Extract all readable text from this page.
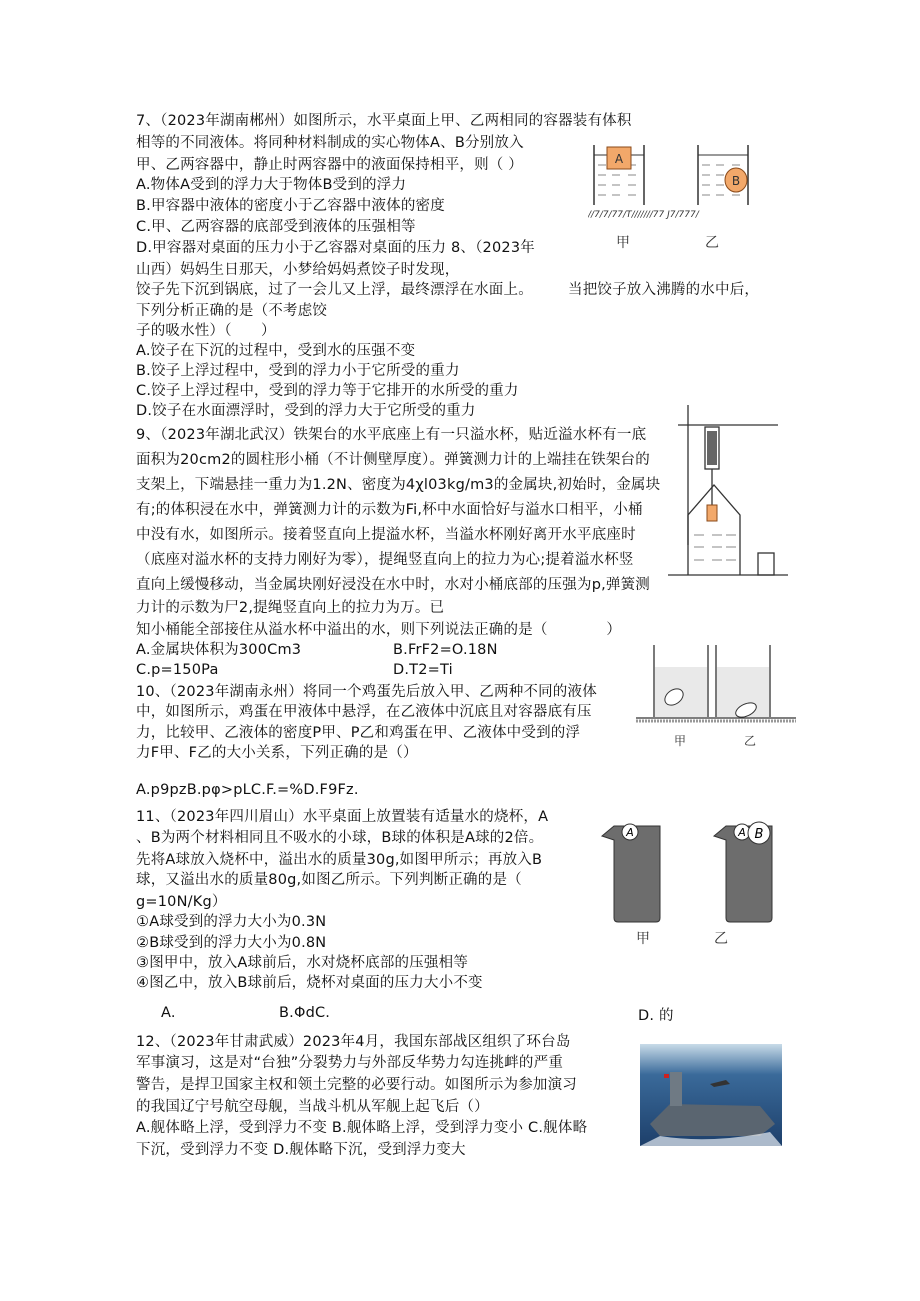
7、（2023年湖南郴州）如图所示，水平桌面上甲、乙两相同的容器装有体积
相等的不同液体。将同种材料制成的实心物体A、B分别放入
甲、乙两容器中，静止时两容器中的液面保持相平，则（ ）
A.物体A受到的浮力大于物体B受到的浮力
B.甲容器中液体的密度小于乙容器中液体的密度
C.甲、乙两容器的底部受到液体的压强相等
D.甲容器对桌面的压力小于乙容器对桌面的压力 8、（2023年
山西）妈妈生日那天，小梦给妈妈煮饺子时发现，
饺子先下沉到锅底，过了一会儿又上浮，最终漂浮在水面上。
下列分析正确的是（不考虑饺
子的吸水性）（　　）
A.饺子在下沉的过程中，受到水的压强不变
B.饺子上浮过程中，受到的浮力小于它所受的重力
C.饺子上浮过程中，受到的浮力等于它排开的水所受的重力
D.饺子在水面漂浮时，受到的浮力大于它所受的重力
9、（2023年湖北武汉）铁架台的水平底座上有一只溢水杯，贴近溢水杯有一底
面积为20cm2的圆柱形小桶（不计侧壁厚度）。弹簧测力计的上端挂在铁架台的
支架上，下端悬挂一重力为1.2N、密度为4χl03kg∕m3的金属块,初始时，金属块
有;的体积浸在水中，弹簧测力计的示数为Fi,杯中水面恰好与溢水口相平，小桶
中没有水，如图所示。接着竖直向上提溢水杯，当溢水杯刚好离开水平底座时
（底座对溢水杯的支持力刚好为零），提绳竖直向上的拉力为心;提着溢水杯竖
直向上缓慢移动，当金属块刚好浸没在水中时，水对小桶底部的压强为p,弹簧测
力计的示数为尸2,提绳竖直向上的拉力为万。已
知小桶能全部接住从溢水杯中溢出的水，则下列说法正确的是（　　　　）
10、（2023年湖南永州）将同一个鸡蛋先后放入甲、乙两种不同的液体
中，如图所示，鸡蛋在甲液体中悬浮，在乙液体中沉底且对容器底有压
力，比较甲、乙液体的密度P甲、P乙和鸡蛋在甲、乙液体中受到的浮
力F甲、F乙的大小关系，下列正确的是（）
11、（2023年四川眉山）水平桌面上放置装有适量水的烧杯，A
、B为两个材料相同且不吸水的小球，B球的体积是A球的2倍。
先将A球放入烧杯中，溢出水的质量30g,如图甲所示；再放入B
球，又溢出水的质量80g,如图乙所示。下列判断正确的是（
g=10N∕Kg）
①A球受到的浮力大小为0.3N
②B球受到的浮力大小为0.8N
③图甲中，放入A球前后，水对烧杯底部的压强相等
④图乙中，放入B球前后，烧杯对桌面的压力大小不变
12、（2023年甘肃武威）2023年4月，我国东部战区组织了环台岛
军事演习，这是对“台独”分裂势力与外部反华势力勾连挑衅的严重
警告，是捍卫国家主权和领土完整的必要行动。如图所示为参加演习
的我国辽宁号航空母舰，当战斗机从军舰上起飞后（）
A.舰体略上浮，受到浮力不变 B.舰体略上浮，受到浮力变小 C.舰体略
下沉，受到浮力不变 D.舰体略下沉，受到浮力变大
当把饺子放入沸腾的水中后，
A.金属块体积为300Cm3	B.FrF2=O.18N
C.p=150Pa	D.T2=Ti
A.p9pzB.pφ>pLC.F.=%D.F9Fz.
A.	B.ΦdC.	D. 的
A
B
//7/7/77/T///////77 J7/777/
甲	乙
甲	乙
A	A B
甲	乙
